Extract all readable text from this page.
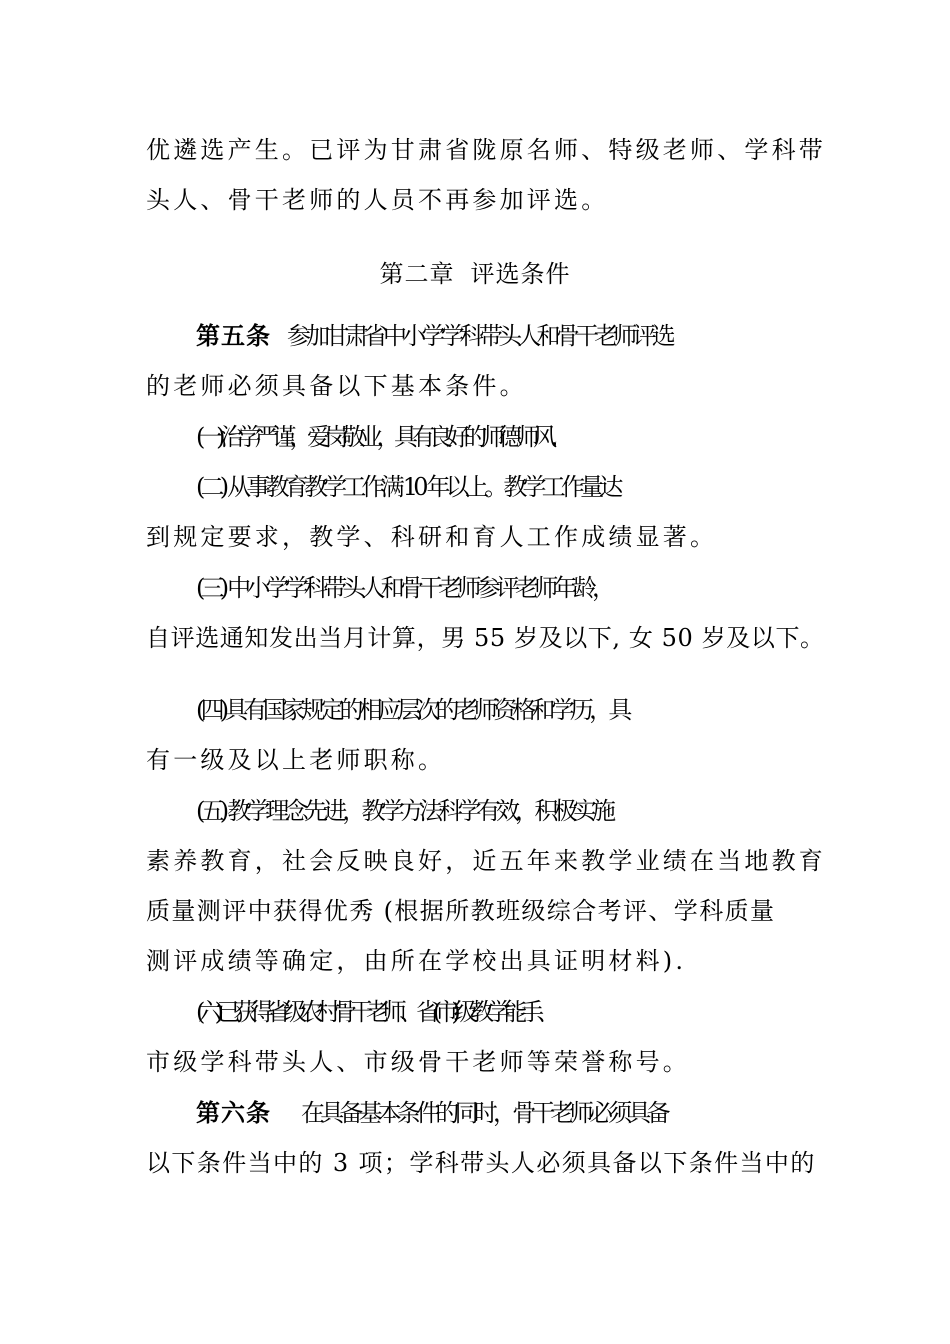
优遴选产生。已评为甘肃省陇原名师、特级老师、学科带
头人、骨干老师的人员不再参加评选。
第二章 评选条件
第五条 参加甘肃省中小学学科带头人和骨干老师评选
的老师必须具备以下基本条件。
(一) 治学严谨，爱岗敬业，具有良好的师德师风.
(二) 从事教育教学工作满 10 年以上。教学工作量达
到规定要求，教学、科研和育人工作成绩显著。
(三) 中小学学科带头人和骨干老师参评老师年龄，
自评选通知发出当月计算，男 55 岁及以下, 女 50 岁及以下。
(四)具有国家规定的相应层次的老师资格和学历，具
有一级及以上老师职称。
(五) 教学理念先进，教学方法科学有效，积极实施
素养教育，社会反映良好，近五年来教学业绩在当地教育
质量测评中获得优秀 (根据所教班级综合考评、学科质量
测评成绩等确定，由所在学校出具证明材料).
(六) 已获得省级农村骨干老师、省 (市) 级教学能手、
市级学科带头人、市级骨干老师等荣誉称号。
第六条 在具备基本条件的同时，骨干老师必须具备
以下条件当中的 3 项；学科带头人必须具备以下条件当中的
